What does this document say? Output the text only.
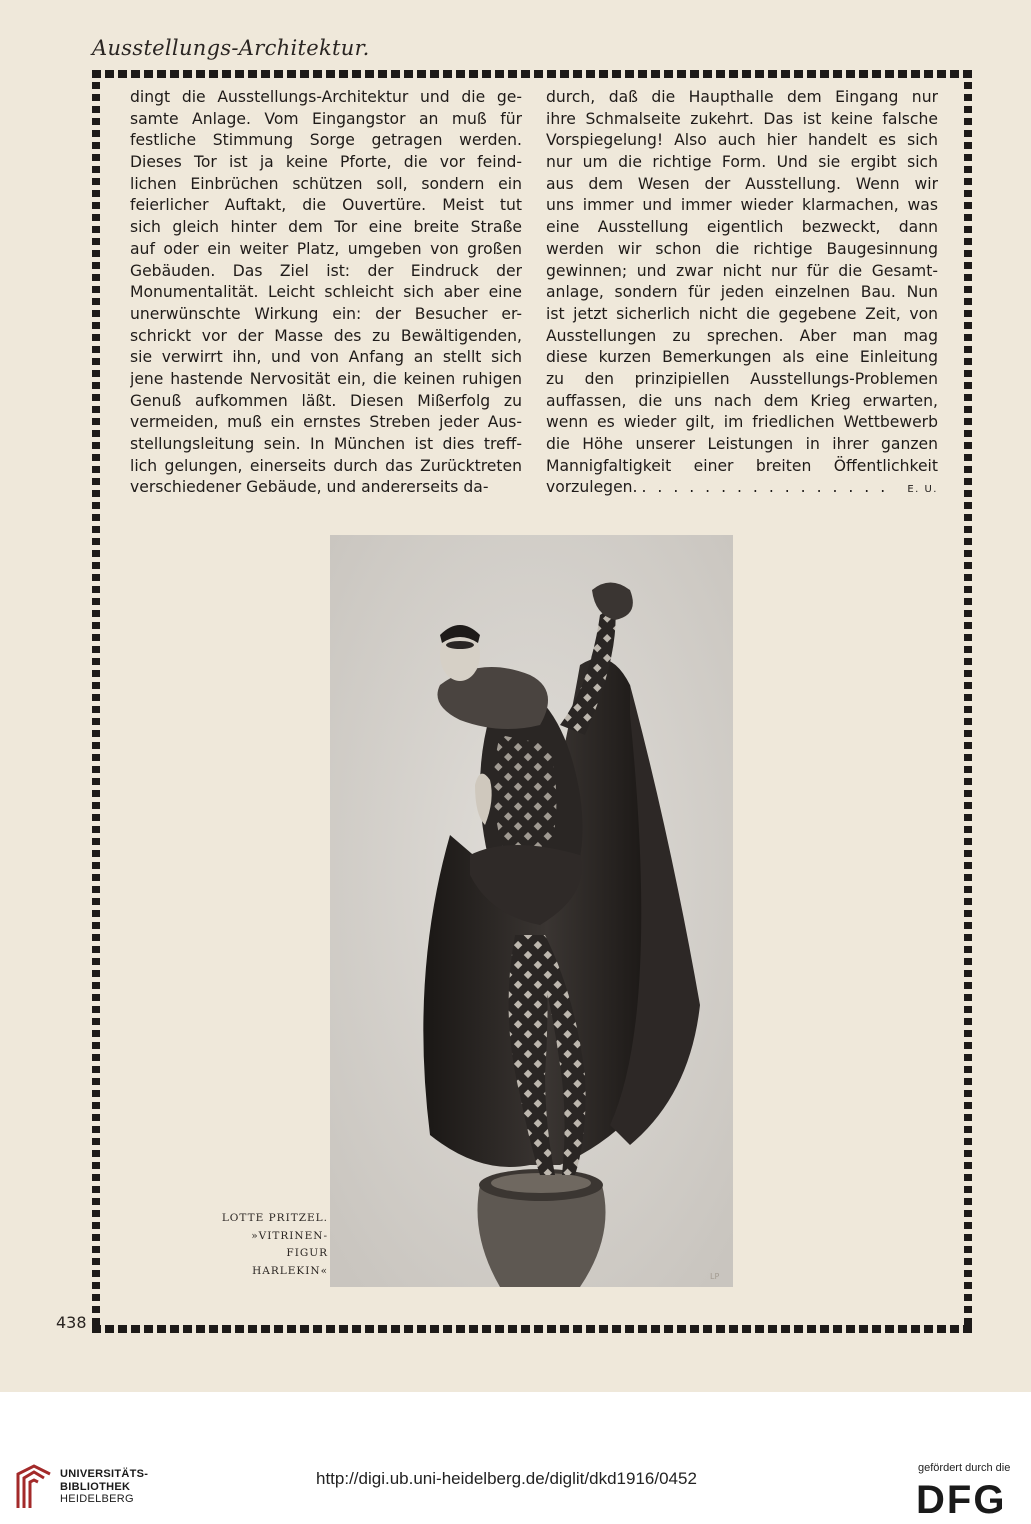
Ausstellungs-Architektur.
dingt die Ausstellungs-Architektur und die ge-
samte Anlage. Vom Eingangstor an muß für
festliche Stimmung Sorge getragen werden.
Dieses Tor ist ja keine Pforte, die vor feind-
lichen Einbrüchen schützen soll, sondern ein
feierlicher Auftakt, die Ouvertüre. Meist tut
sich gleich hinter dem Tor eine breite Straße
auf oder ein weiter Platz, umgeben von großen
Gebäuden. Das Ziel ist: der Eindruck der
Monumentalität. Leicht schleicht sich aber eine
unerwünschte Wirkung ein: der Besucher er-
schrickt vor der Masse des zu Bewältigenden,
sie verwirrt ihn, und von Anfang an stellt sich
jene hastende Nervosität ein, die keinen ruhigen
Genuß aufkommen läßt. Diesen Mißerfolg zu
vermeiden, muß ein ernstes Streben jeder Aus-
stellungsleitung sein. In München ist dies treff-
lich gelungen, einerseits durch das Zurücktreten
verschiedener Gebäude, und andererseits da-
durch, daß die Haupthalle dem Eingang nur
ihre Schmalseite zukehrt. Das ist keine falsche
Vorspiegelung! Also auch hier handelt es sich
nur um die richtige Form. Und sie ergibt sich
aus dem Wesen der Ausstellung. Wenn wir
uns immer und immer wieder klarmachen, was
eine Ausstellung eigentlich bezweckt, dann
werden wir schon die richtige Baugesinnung
gewinnen; und zwar nicht nur für die Gesamt-
anlage, sondern für jeden einzelnen Bau. Nun
ist jetzt sicherlich nicht die gegebene Zeit, von
Ausstellungen zu sprechen. Aber man mag
diese kurzen Bemerkungen als eine Einleitung
zu den prinzipiellen Ausstellungs-Problemen
auffassen, die uns nach dem Krieg erwarten,
wenn es wieder gilt, im friedlichen Wettbewerb
die Höhe unserer Leistungen in ihrer ganzen
Mannigfaltigkeit einer breiten Öffentlichkeit
vorzulegen. . . . . . . . . . . . . . . . .	E. U.
LP
LOTTE PRITZEL.
»VITRINEN-
FIGUR
HARLEKIN«
438
UNIVERSITÄTS-
BIBLIOTHEK
HEIDELBERG
http://digi.ub.uni-heidelberg.de/diglit/dkd1916/0452
gefördert durch die
DFG
